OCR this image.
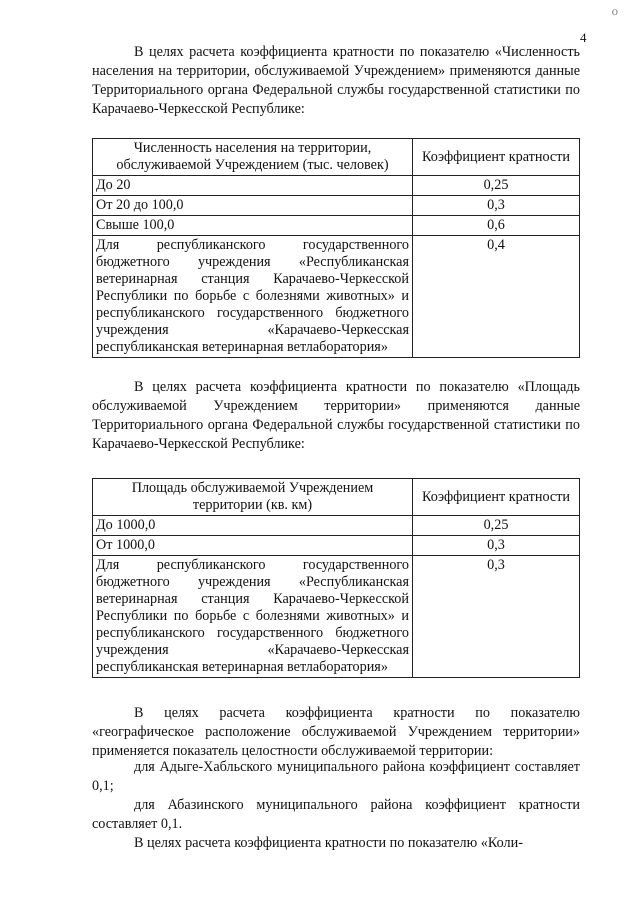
Ο
4
В целях расчета коэффициента кратности по показателю «Численность населения на территории, обслуживаемой Учреждением» применяются данные Территориального органа Федеральной службы государственной статистики по Карачаево-Черкесской Республике:
Численность населения на территории, обслуживаемой Учреждением (тыс. человек)	Коэффициент кратности
До 20	0,25
От 20 до 100,0	0,3
Свыше 100,0	0,6
Для республиканского государственного бюджетного учреждения «Республиканская ветеринарная станция Карачаево-Черкесской Республики по борьбе с болезнями животных» и республиканского государственного бюджетного учреждения «Карачаево-Черкесская республиканская ветеринарная ветлаборатория»	0,4
В целях расчета коэффициента кратности по показателю «Площадь обслуживаемой Учреждением территории» применяются данные Территориального органа Федеральной службы государственной статистики по Карачаево-Черкесской Республике:
Площадь обслуживаемой Учреждением территории (кв. км)	Коэффициент кратности
До 1000,0	0,25
От 1000,0	0,3
Для республиканского государственного бюджетного учреждения «Республиканская ветеринарная станция Карачаево-Черкесской Республики по борьбе с болезнями животных» и республиканского государственного бюджетного учреждения «Карачаево-Черкесская республиканская ветеринарная ветлаборатория»	0,3
В целях расчета коэффициента кратности по показателю «географическое расположение обслуживаемой Учреждением территории» применяется показатель целостности обслуживаемой территории:
для Адыге-Хабльского муниципального района коэффициент составляет 0,1;
для Абазинского муниципального района коэффициент кратности составляет 0,1.
В целях расчета коэффициента кратности по показателю «Коли-
